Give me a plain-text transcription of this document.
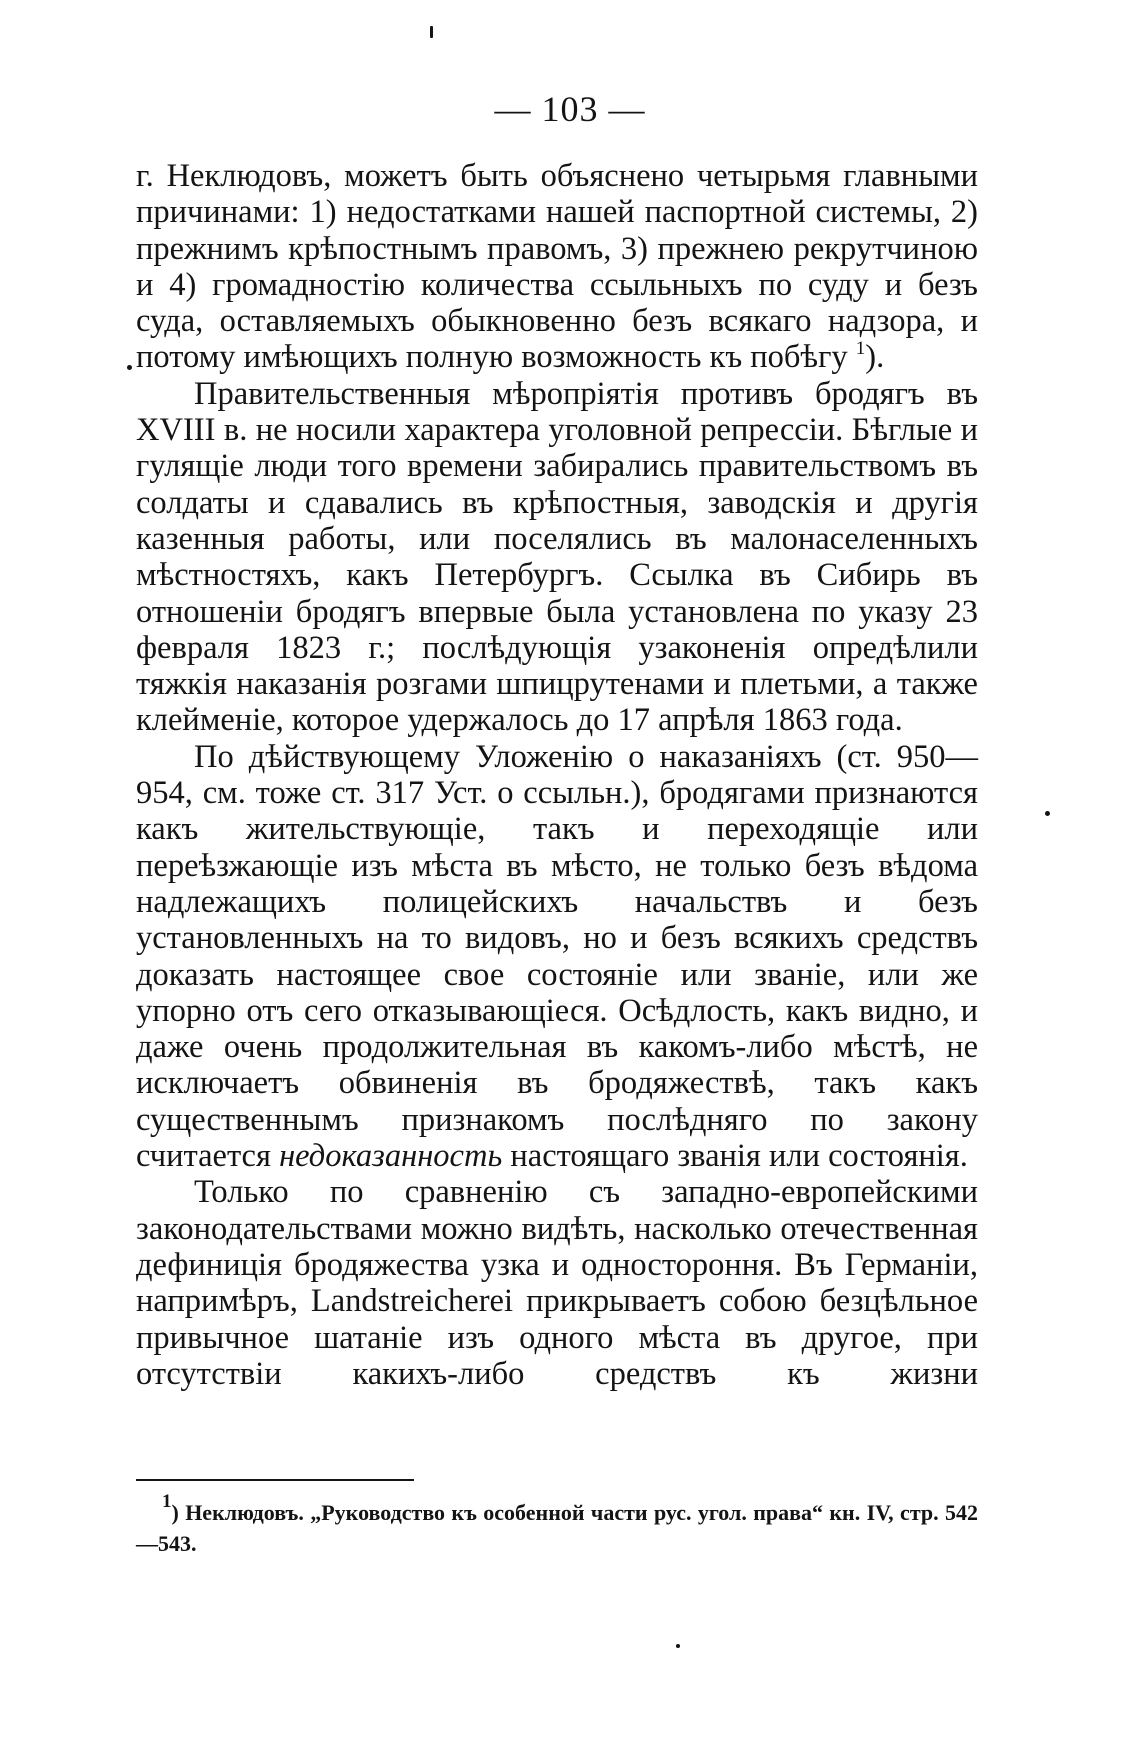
— 103 —

г. Неклюдовъ, можетъ быть объяснено четырьмя главными причинами: 1) недостатками нашей паспортной системы, 2) прежнимъ крѣпостнымъ правомъ, 3) прежнею рекрутчиною и 4) громадностію количества ссыльныхъ по суду и безъ суда, оставляемыхъ обыкновенно безъ всякаго надзора, и потому имѣющихъ полную возможность къ побѣгу $^1$).

Правительственныя мѣропріятія противъ бродягъ въ XVIII в. не носили характера уголовной репрессіи. Бѣглые и гулящіе люди того времени забирались правительствомъ въ солдаты и сдавались въ крѣпостныя, заводскія и другія казенныя работы, или поселялись въ малонаселенныхъ мѣстностяхъ, какъ Петербургъ. Ссылка въ Сибирь въ отношеніи бродягъ впервые была установлена по указу 23 февраля 1823 г.; послѣдующія узаконенія опредѣлили тяжкія наказанія розгами шпицрутенами и плетьми, а также клейменіе, которое удержалось до 17 апрѣля 1863 года.

По дѣйствующему Уложенію о наказаніяхъ (ст. 950—954, см. тоже ст. 317 Уст. о ссыльн.), бродягами признаются какъ жительствующіе, такъ и переходящіе или переѣзжающіе изъ мѣста въ мѣсто, не только безъ вѣдома надлежащихъ полицейскихъ начальствъ и безъ установленныхъ на то видовъ, но и безъ всякихъ средствъ доказать настоящее свое состояніе или званіе, или же упорно отъ сего отказывающіеся. Осѣдлость, какъ видно, и даже очень продолжительная въ какомъ-либо мѣстѣ, не исключаетъ обвиненія въ бродяжествѣ, такъ какъ существеннымъ признакомъ послѣдняго по закону считается недоказанность настоящаго званія или состоянія.

Только по сравненію съ западно-европейскими законодательствами можно видѣть, насколько отечественная дефиниція бродяжества узка и одностороння. Въ Германіи, напримѣръ, Landstreicherei прикрываетъ собою безцѣльное привычное шатаніе изъ одного мѣста въ другое, при отсутствіи какихъ-либо средствъ къ жизни

$^1$) Неклюдовъ. „Руководство къ особенной части рус. угол. права“ кн. IV, стр. 542—543.
